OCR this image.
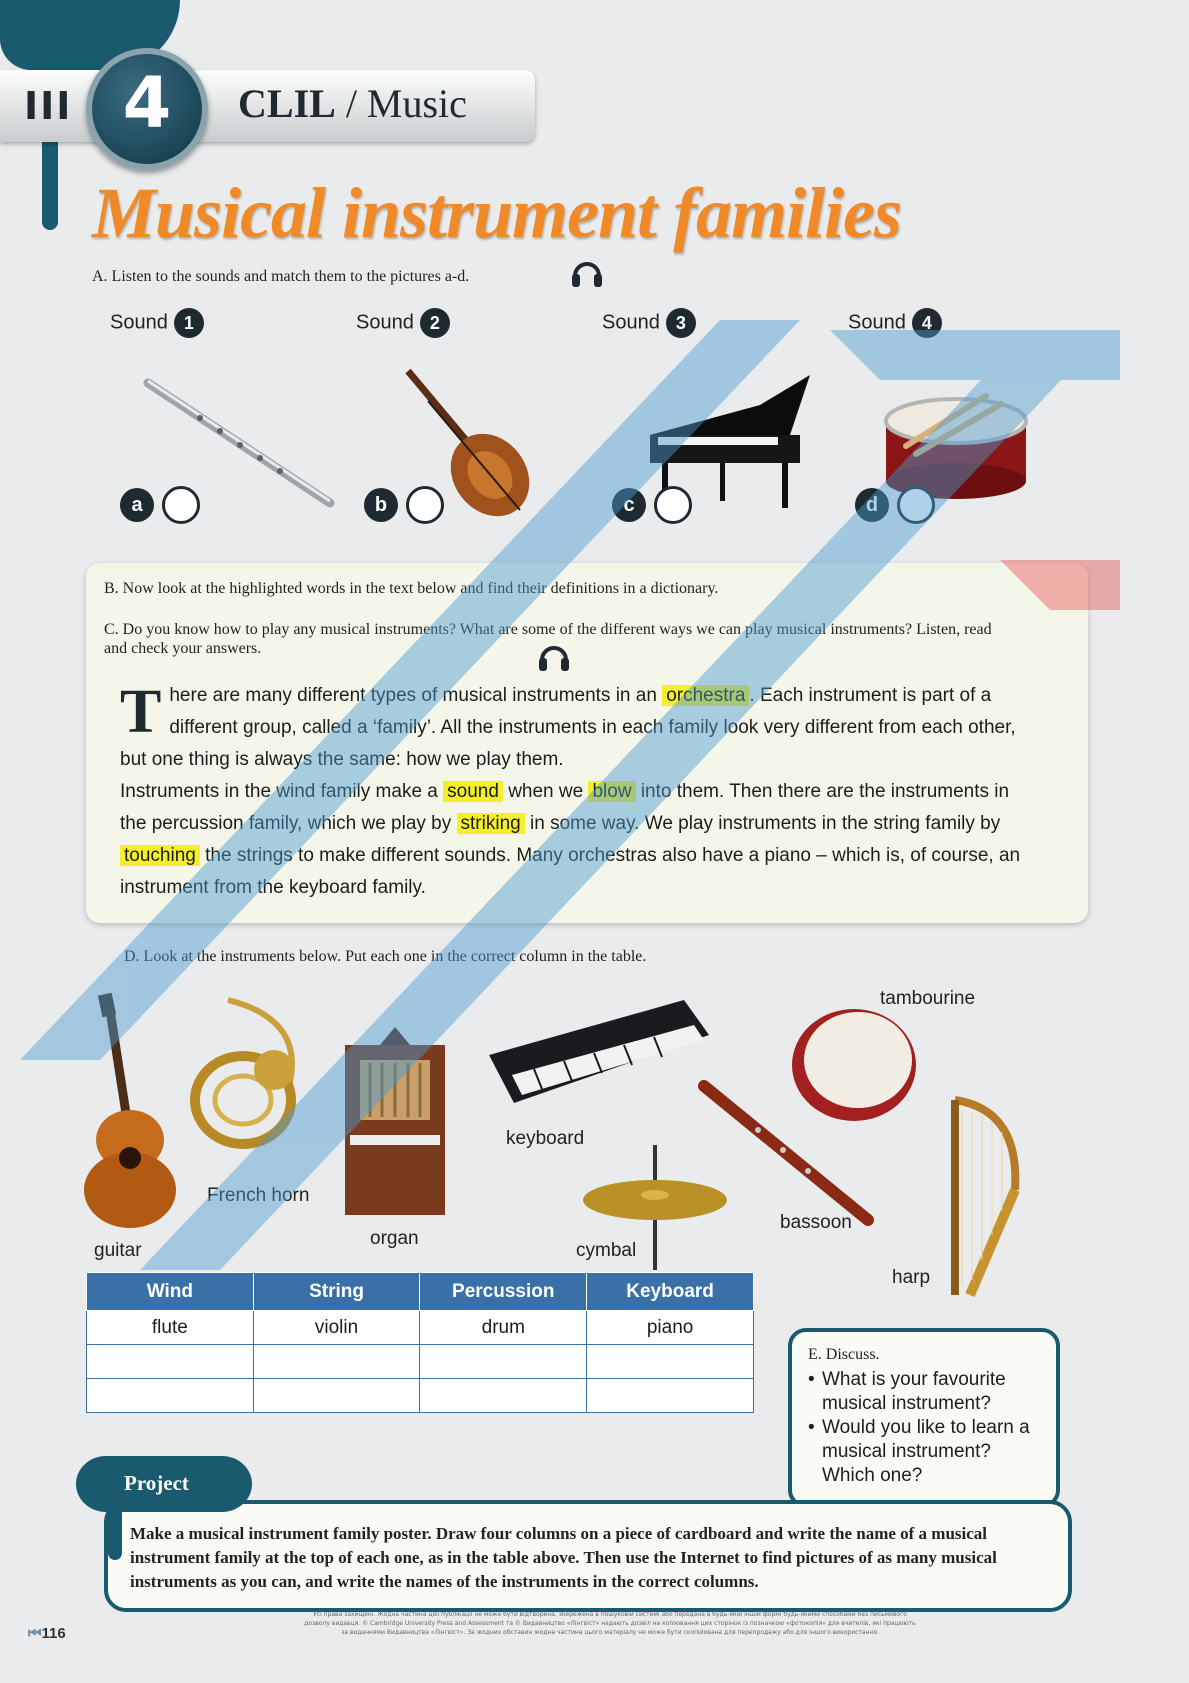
III 4	CLIL / Music
Musical instrument families
A. Listen to the sounds and match them to the pictures a-d.
Sound 1	Sound 2	Sound 3	Sound 4
a	b	c	d
B. Now look at the highlighted words in the text below and find their definitions in a dictionary.
C. Do you know how to play any musical instruments? What are some of the different ways we can play musical instruments? Listen, read and check your answers.

There are many different types of musical instruments in an orchestra . Each instrument is part of a different group, called a ‘family’. All the instruments in each family look very different from each other, but one thing is always the same: how we play them.

Instruments in the wind family make a sound when we blow into them. Then there are the instruments in the percussion family, which we play by striking in some way. We play instruments in the string family by touching the strings to make different sounds. Many orchestras also have a piano – which is, of course, an instrument from the keyboard family.

D. Look at the instruments below. Put each one in the correct column in the table.
tambourine
keyboard
French horn
organ
bassoon
guitar	cymbal
harp
Wind	String	Percussion	Keyboard
flute	violin	drum	piano

E. Discuss.
• What is your favourite musical instrument?
• Would you like to learn a musical instrument? Which one?
Project
Make a musical instrument family poster. Draw four columns on a piece of cardboard and write the name of a musical instrument family at the top of each one, as in the table above. Then use the Internet to find pictures of as many musical instruments as you can, and write the names of the instruments in the correct columns.
⏮116
Усі права захищені. Жодна частина цієї публікації не може бути відтворена, збережена в пошуковій системі або передана в будь-якій іншій формі будь-якими способами без письмового дозволу видавця. © Cambridge University Press and Assessment та © Видавництво «Лінгвіст» надають дозвіл на копіювання цих сторінок із позначкою «фотокопія» для вчителів, які працюють за виданнями Видавництва «Лінгвіст». За жодних обставин жодна частина цього матеріалу не може бути скопійована для перепродажу або для іншого використання.
